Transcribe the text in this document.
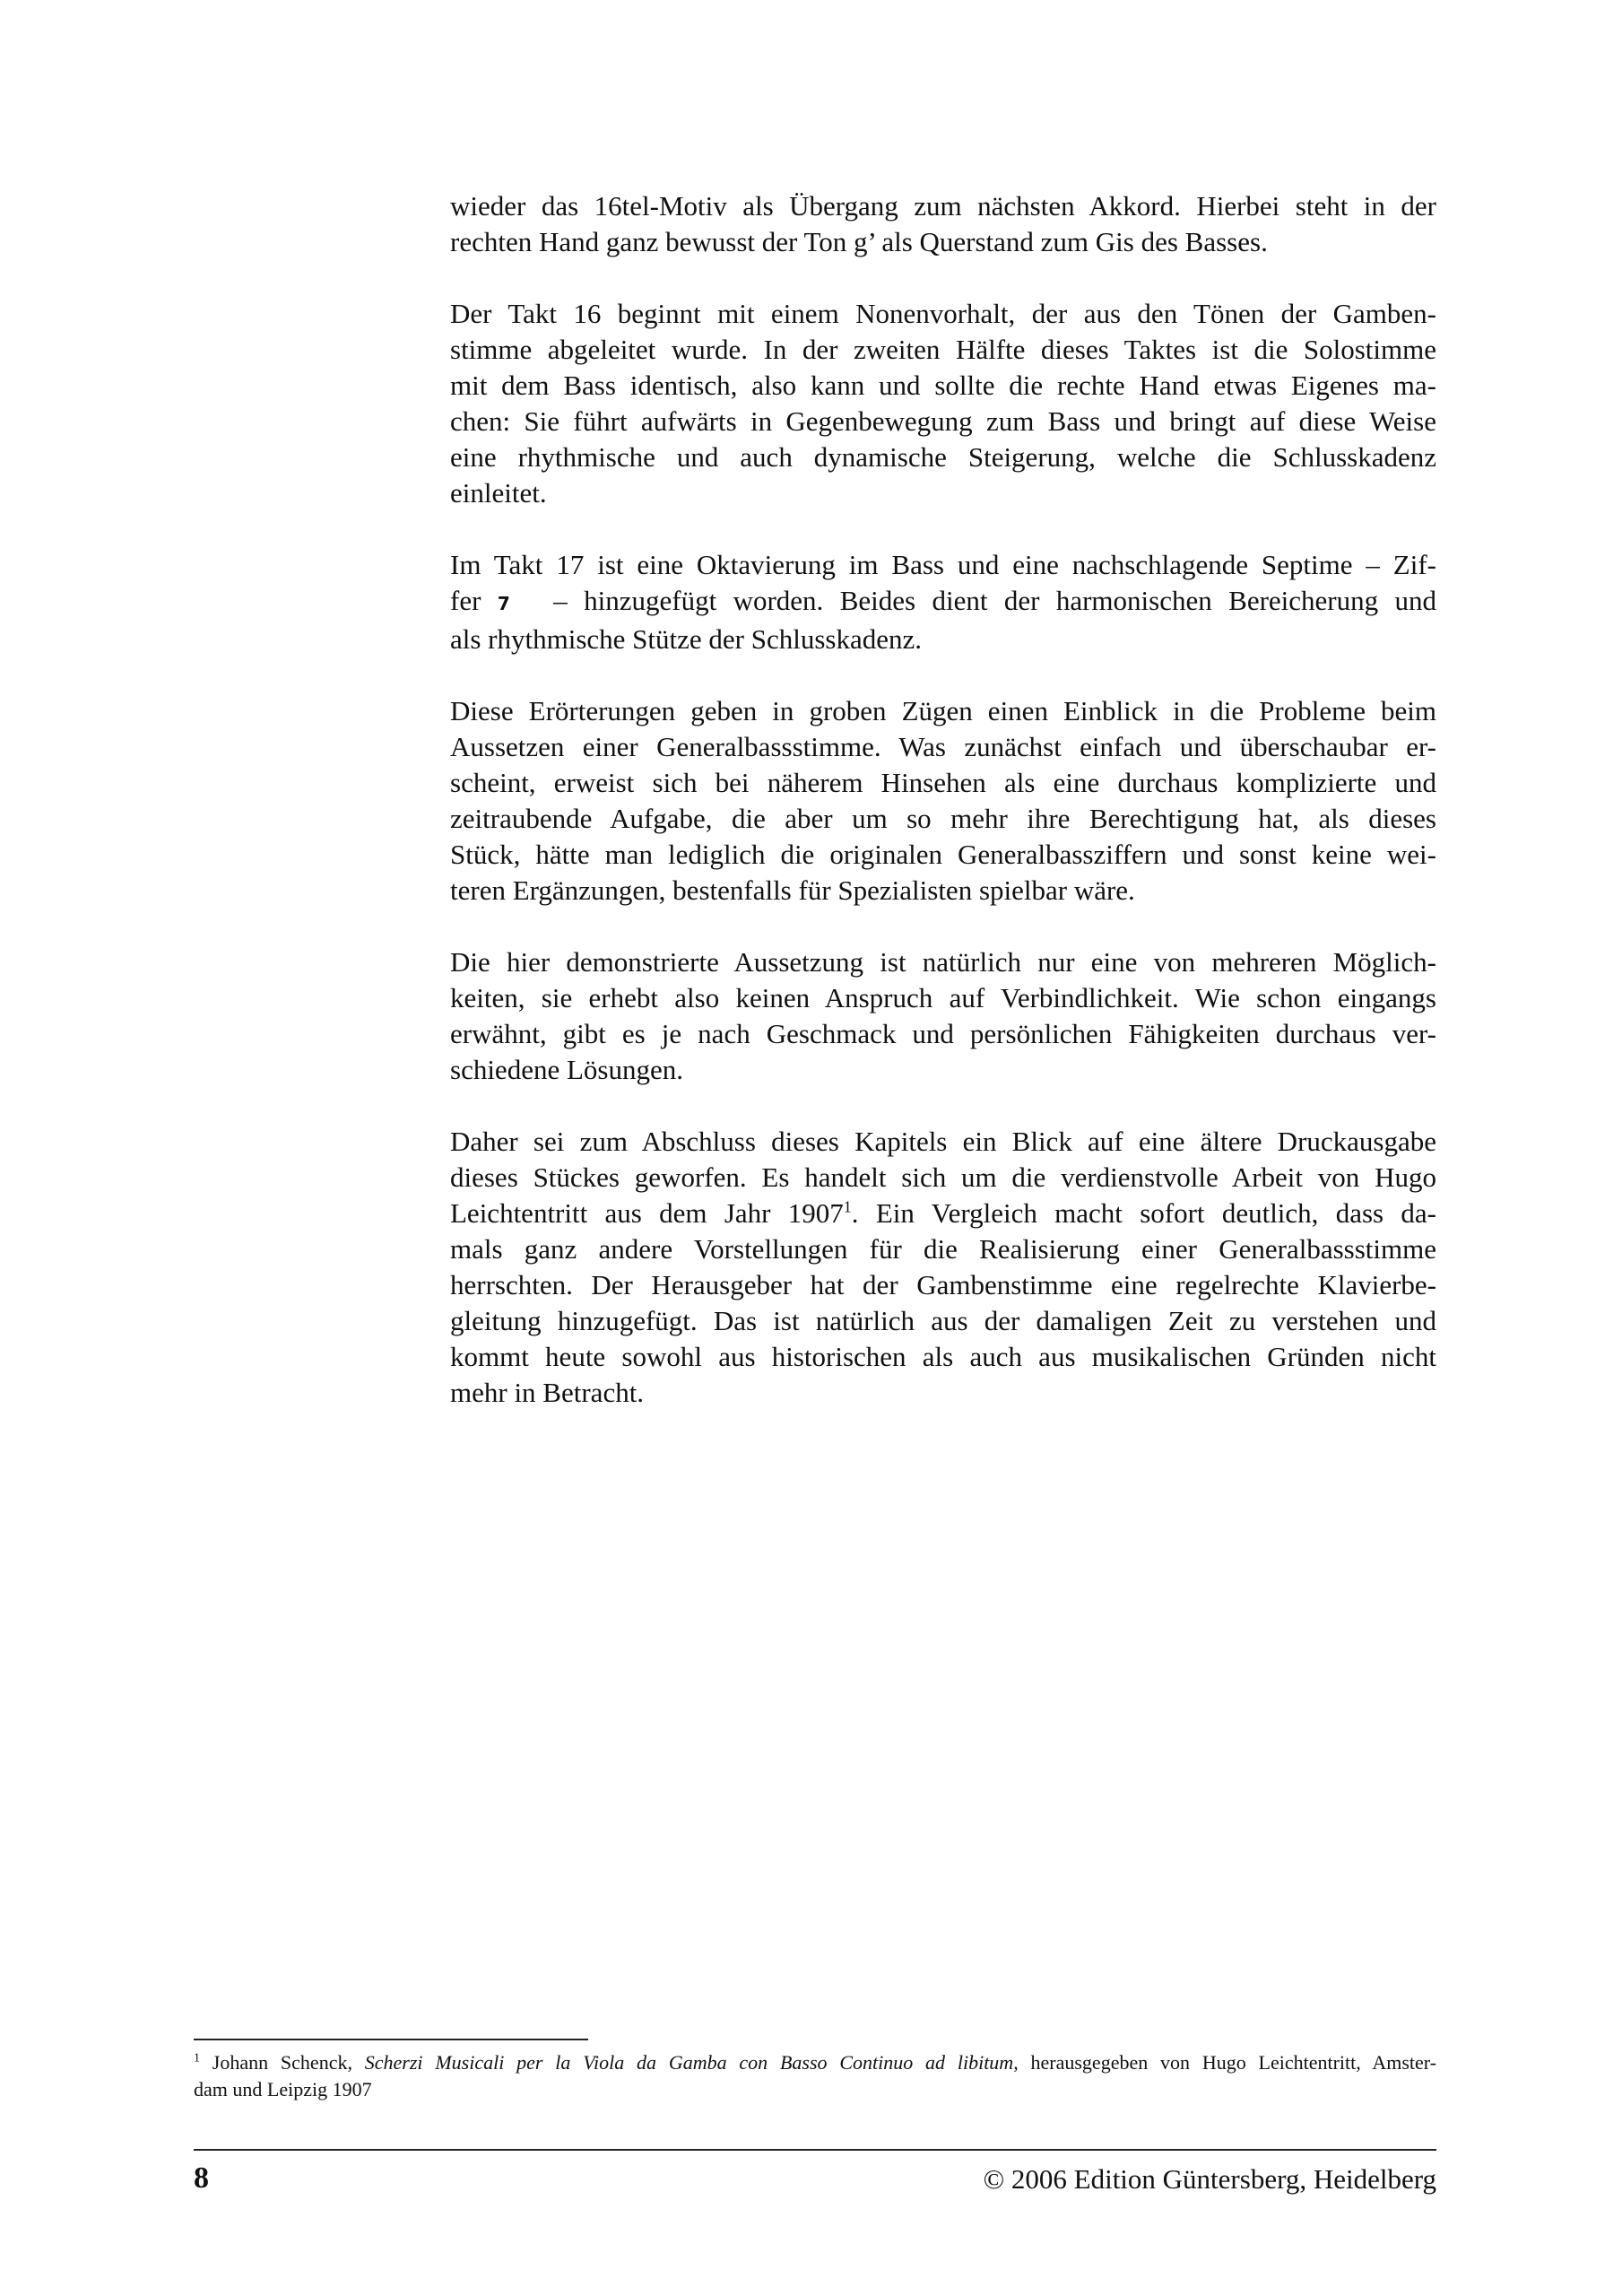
wieder das 16tel-Motiv als Übergang zum nächsten Akkord. Hierbei steht in der
rechten Hand ganz bewusst der Ton g’ als Querstand zum Gis des Basses.

Der Takt 16 beginnt mit einem Nonenvorhalt, der aus den Tönen der Gamben-
stimme abgeleitet wurde. In der zweiten Hälfte dieses Taktes ist die Solostimme
mit dem Bass identisch, also kann und sollte die rechte Hand etwas Eigenes ma-
chen: Sie führt aufwärts in Gegenbewegung zum Bass und bringt auf diese Weise
eine rhythmische und auch dynamische Steigerung, welche die Schlusskadenz
einleitet.

Im Takt 17 ist eine Oktavierung im Bass und eine nachschlagende Septime – Zif-
fer 7 – hinzugefügt worden. Beides dient der harmonischen Bereicherung und
als rhythmische Stütze der Schlusskadenz.

Diese Erörterungen geben in groben Zügen einen Einblick in die Probleme beim
Aussetzen einer Generalbassstimme. Was zunächst einfach und überschaubar er-
scheint, erweist sich bei näherem Hinsehen als eine durchaus komplizierte und
zeitraubende Aufgabe, die aber um so mehr ihre Berechtigung hat, als dieses
Stück, hätte man lediglich die originalen Generalbassziffern und sonst keine wei-
teren Ergänzungen, bestenfalls für Spezialisten spielbar wäre.

Die hier demonstrierte Aussetzung ist natürlich nur eine von mehreren Möglich-
keiten, sie erhebt also keinen Anspruch auf Verbindlichkeit. Wie schon eingangs
erwähnt, gibt es je nach Geschmack und persönlichen Fähigkeiten durchaus ver-
schiedene Lösungen.

Daher sei zum Abschluss dieses Kapitels ein Blick auf eine ältere Druckausgabe
dieses Stückes geworfen. Es handelt sich um die verdienstvolle Arbeit von Hugo
Leichtentritt aus dem Jahr 1907$^1$. Ein Vergleich macht sofort deutlich, dass da-
mals ganz andere Vorstellungen für die Realisierung einer Generalbassstimme
herrschten. Der Herausgeber hat der Gambenstimme eine regelrechte Klavierbe-
gleitung hinzugefügt. Das ist natürlich aus der damaligen Zeit zu verstehen und
kommt heute sowohl aus historischen als auch aus musikalischen Gründen nicht
mehr in Betracht.

$^1$ Johann Schenck, Scherzi Musicali per la Viola da Gamba con Basso Continuo ad libitum, herausgegeben von Hugo Leichtentritt, Amster-
dam und Leipzig 1907
8	© 2006 Edition Güntersberg, Heidelberg
